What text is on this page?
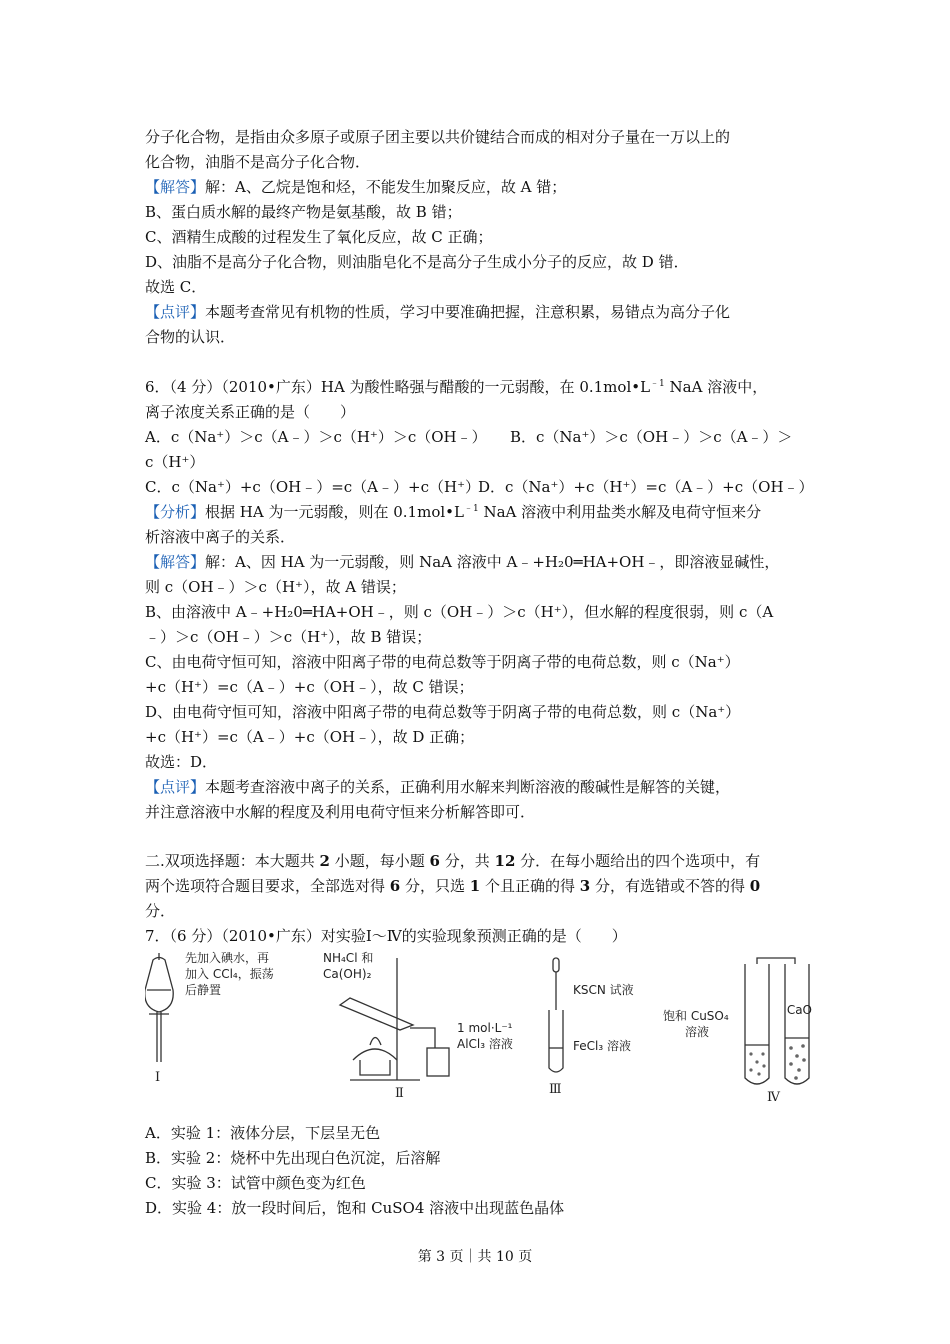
分子化合物，是指由众多原子或原子团主要以共价键结合而成的相对分子量在一万以上的
化合物，油脂不是高分子化合物．
【解答】解：A、乙烷是饱和烃，不能发生加聚反应，故 A 错；
B、蛋白质水解的最终产物是氨基酸，故 B 错；
C、酒精生成酸的过程发生了氧化反应，故 C 正确；
D、油脂不是高分子化合物，则油脂皂化不是高分子生成小分子的反应，故 D 错．
故选 C．
【点评】本题考查常见有机物的性质，学习中要准确把握，注意积累，易错点为高分子化
合物的认识．
6．（4 分）（2010•广东）HA 为酸性略强与醋酸的一元弱酸，在 $0.1mol•L^{﹣1}$ NaA 溶液中，
离子浓度关系正确的是（　　）
A．c（Na⁺）＞c（A﹣）＞c（H⁺）＞c（OH﹣） B．c（Na⁺）＞c（OH﹣）＞c（A﹣）＞
c（H⁺）
C．c（Na⁺）+c（OH﹣）=c（A﹣）+c（H⁺）
D．c（Na⁺）+c（H⁺）=c（A﹣）+c（OH﹣）
【分析】根据 HA 为一元弱酸，则在 $0.1mol•L^{﹣1}$ NaA 溶液中利用盐类水解及电荷守恒来分
析溶液中离子的关系．
【解答】解：A、因 HA 为一元弱酸，则 NaA 溶液中 A﹣+H₂0═HA+OH﹣，即溶液显碱性，
则 c（OH﹣）＞c（H⁺），故 A 错误；
B、由溶液中 A﹣+H₂0═HA+OH﹣，则 c（OH﹣）＞c（H⁺），但水解的程度很弱，则 c（A
﹣）＞c（OH﹣）＞c（H⁺），故 B 错误；
C、由电荷守恒可知，溶液中阳离子带的电荷总数等于阴离子带的电荷总数，则 c（Na⁺）
+c（H⁺）=c（A﹣）+c（OH﹣），故 C 错误；
D、由电荷守恒可知，溶液中阳离子带的电荷总数等于阴离子带的电荷总数，则 c（Na⁺）
+c（H⁺）=c（A﹣）+c（OH﹣），故 D 正确；
故选：D．
【点评】本题考查溶液中离子的关系，正确利用水解来判断溶液的酸碱性是解答的关键，
并注意溶液中水解的程度及利用电荷守恒来分析解答即可．
二.双项选择题：本大题共 2 小题，每小题 6 分，共 12 分．在每小题给出的四个选项中，有
两个选项符合题目要求，全部选对得 6 分，只选 1 个且正确的得 3 分，有选错或不答的得 0
分．
7．（6 分）（2010•广东）对实验Ⅰ～Ⅳ的实验现象预测正确的是（　　）
先加入碘水，再
加入 CCl₄，振荡
后静置
NH₄Cl 和
Ca(OH)₂
1 mol·L⁻¹
AlCl₃ 溶液
KSCN 试液
FeCl₃ 溶液
饱和 CuSO₄
溶液
CaO
Ⅰ
Ⅱ	Ⅲ
Ⅳ
A．实验 1：液体分层，下层呈无色
B．实验 2：烧杯中先出现白色沉淀，后溶解
C．实验 3：试管中颜色变为红色
D．实验 4：放一段时间后，饱和 CuSO4 溶液中出现蓝色晶体
第 3 页｜共 10 页
